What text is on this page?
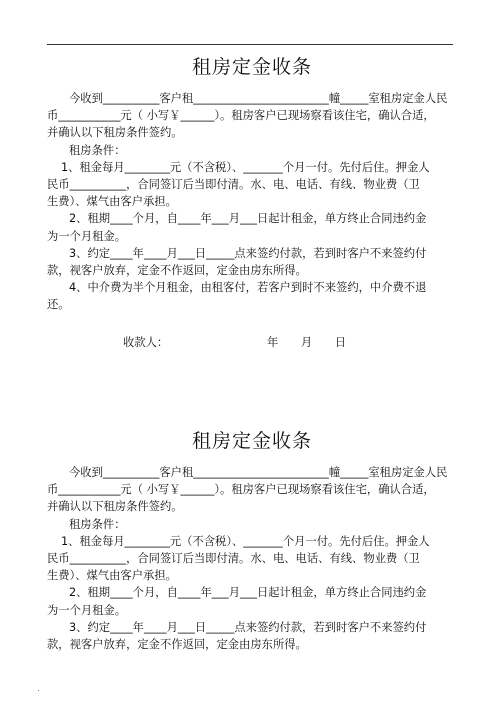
租房定金收条

今收到__________客户租________________________幢_____室租房定金人民

币___________元（ 小写￥______）。租房客户已现场察看该住宅，确认合适，

并确认以下租房条件签约。

租房条件：

1、租金每月________元（不含税）、_______个月一付。先付后住。押金人

民币__________，合同签订后当即付清。水、电、电话、有线、物业费（卫

生费）、煤气由客户承担。

2、租期____个月，自____年___月___日起计租金，单方终止合同违约金

为一个月租金。

3、约定____年____月___日_____点来签约付款，若到时客户不来签约付

款，视客户放弃，定金不作返回，定金由房东所得。

4、中介费为半个月租金，由租客付，若客户到时不来签约，中介费不退

还。

收款人：	年　　月　　日
租房定金收条

今收到__________客户租________________________幢_____室租房定金人民

币___________元（ 小写￥______）。租房客户已现场察看该住宅，确认合适，

并确认以下租房条件签约。

租房条件：

1、租金每月________元（不含税）、_______个月一付。先付后住。押金人

民币__________，合同签订后当即付清。水、电、电话、有线、物业费（卫

生费）、煤气由客户承担。

2、租期____个月，自____年___月___日起计租金，单方终止合同违约金

为一个月租金。

3、约定____年____月___日_____点来签约付款，若到时客户不来签约付

款，视客户放弃，定金不作返回，定金由房东所得。
